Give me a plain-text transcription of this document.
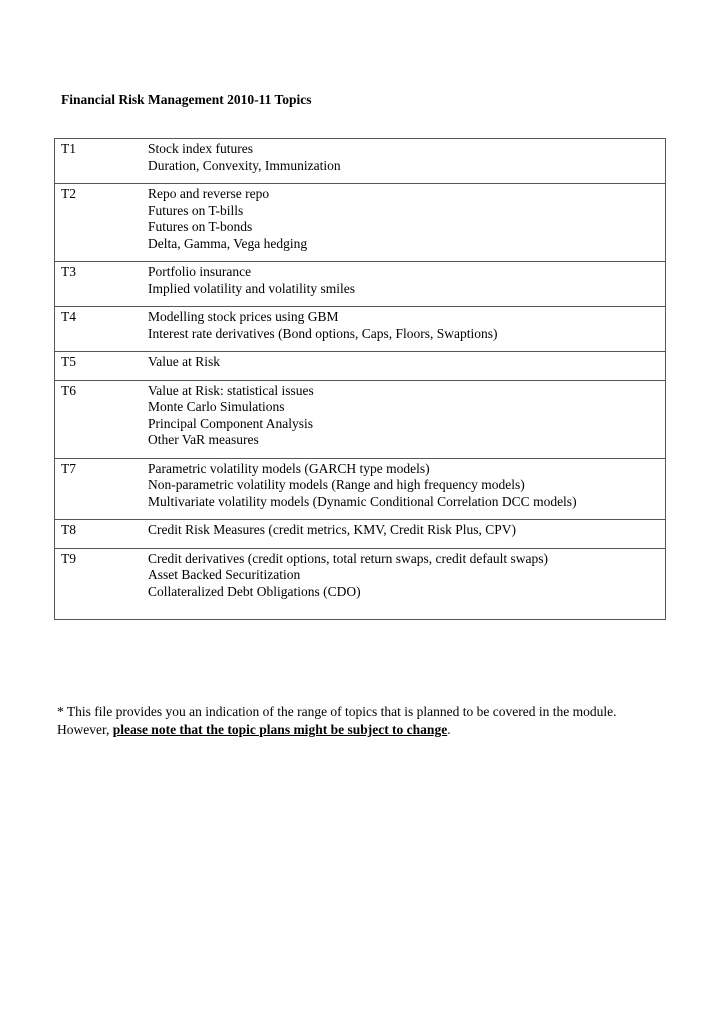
Financial Risk Management 2010-11 Topics
T1	Stock index futures
Duration, Convexity, Immunization

T2	Repo and reverse repo
Futures on T-bills
Futures on T-bonds
Delta, Gamma, Vega hedging

T3	Portfolio insurance
Implied volatility and volatility smiles

T4	Modelling stock prices using GBM
Interest rate derivatives (Bond options, Caps, Floors, Swaptions)

T5	Value at Risk

T6	Value at Risk: statistical issues
Monte Carlo Simulations
Principal Component Analysis
Other VaR measures

T7	Parametric volatility models (GARCH type models)
Non-parametric volatility models (Range and high frequency models)
Multivariate volatility models (Dynamic Conditional Correlation DCC models)

T8	Credit Risk Measures (credit metrics, KMV, Credit Risk Plus, CPV)

T9	Credit derivatives (credit options, total return swaps, credit default swaps)
Asset Backed Securitization
Collateralized Debt Obligations (CDO)

* This file provides you an indication of the range of topics that is planned to be covered in the module. However, please note that the topic plans might be subject to change.
